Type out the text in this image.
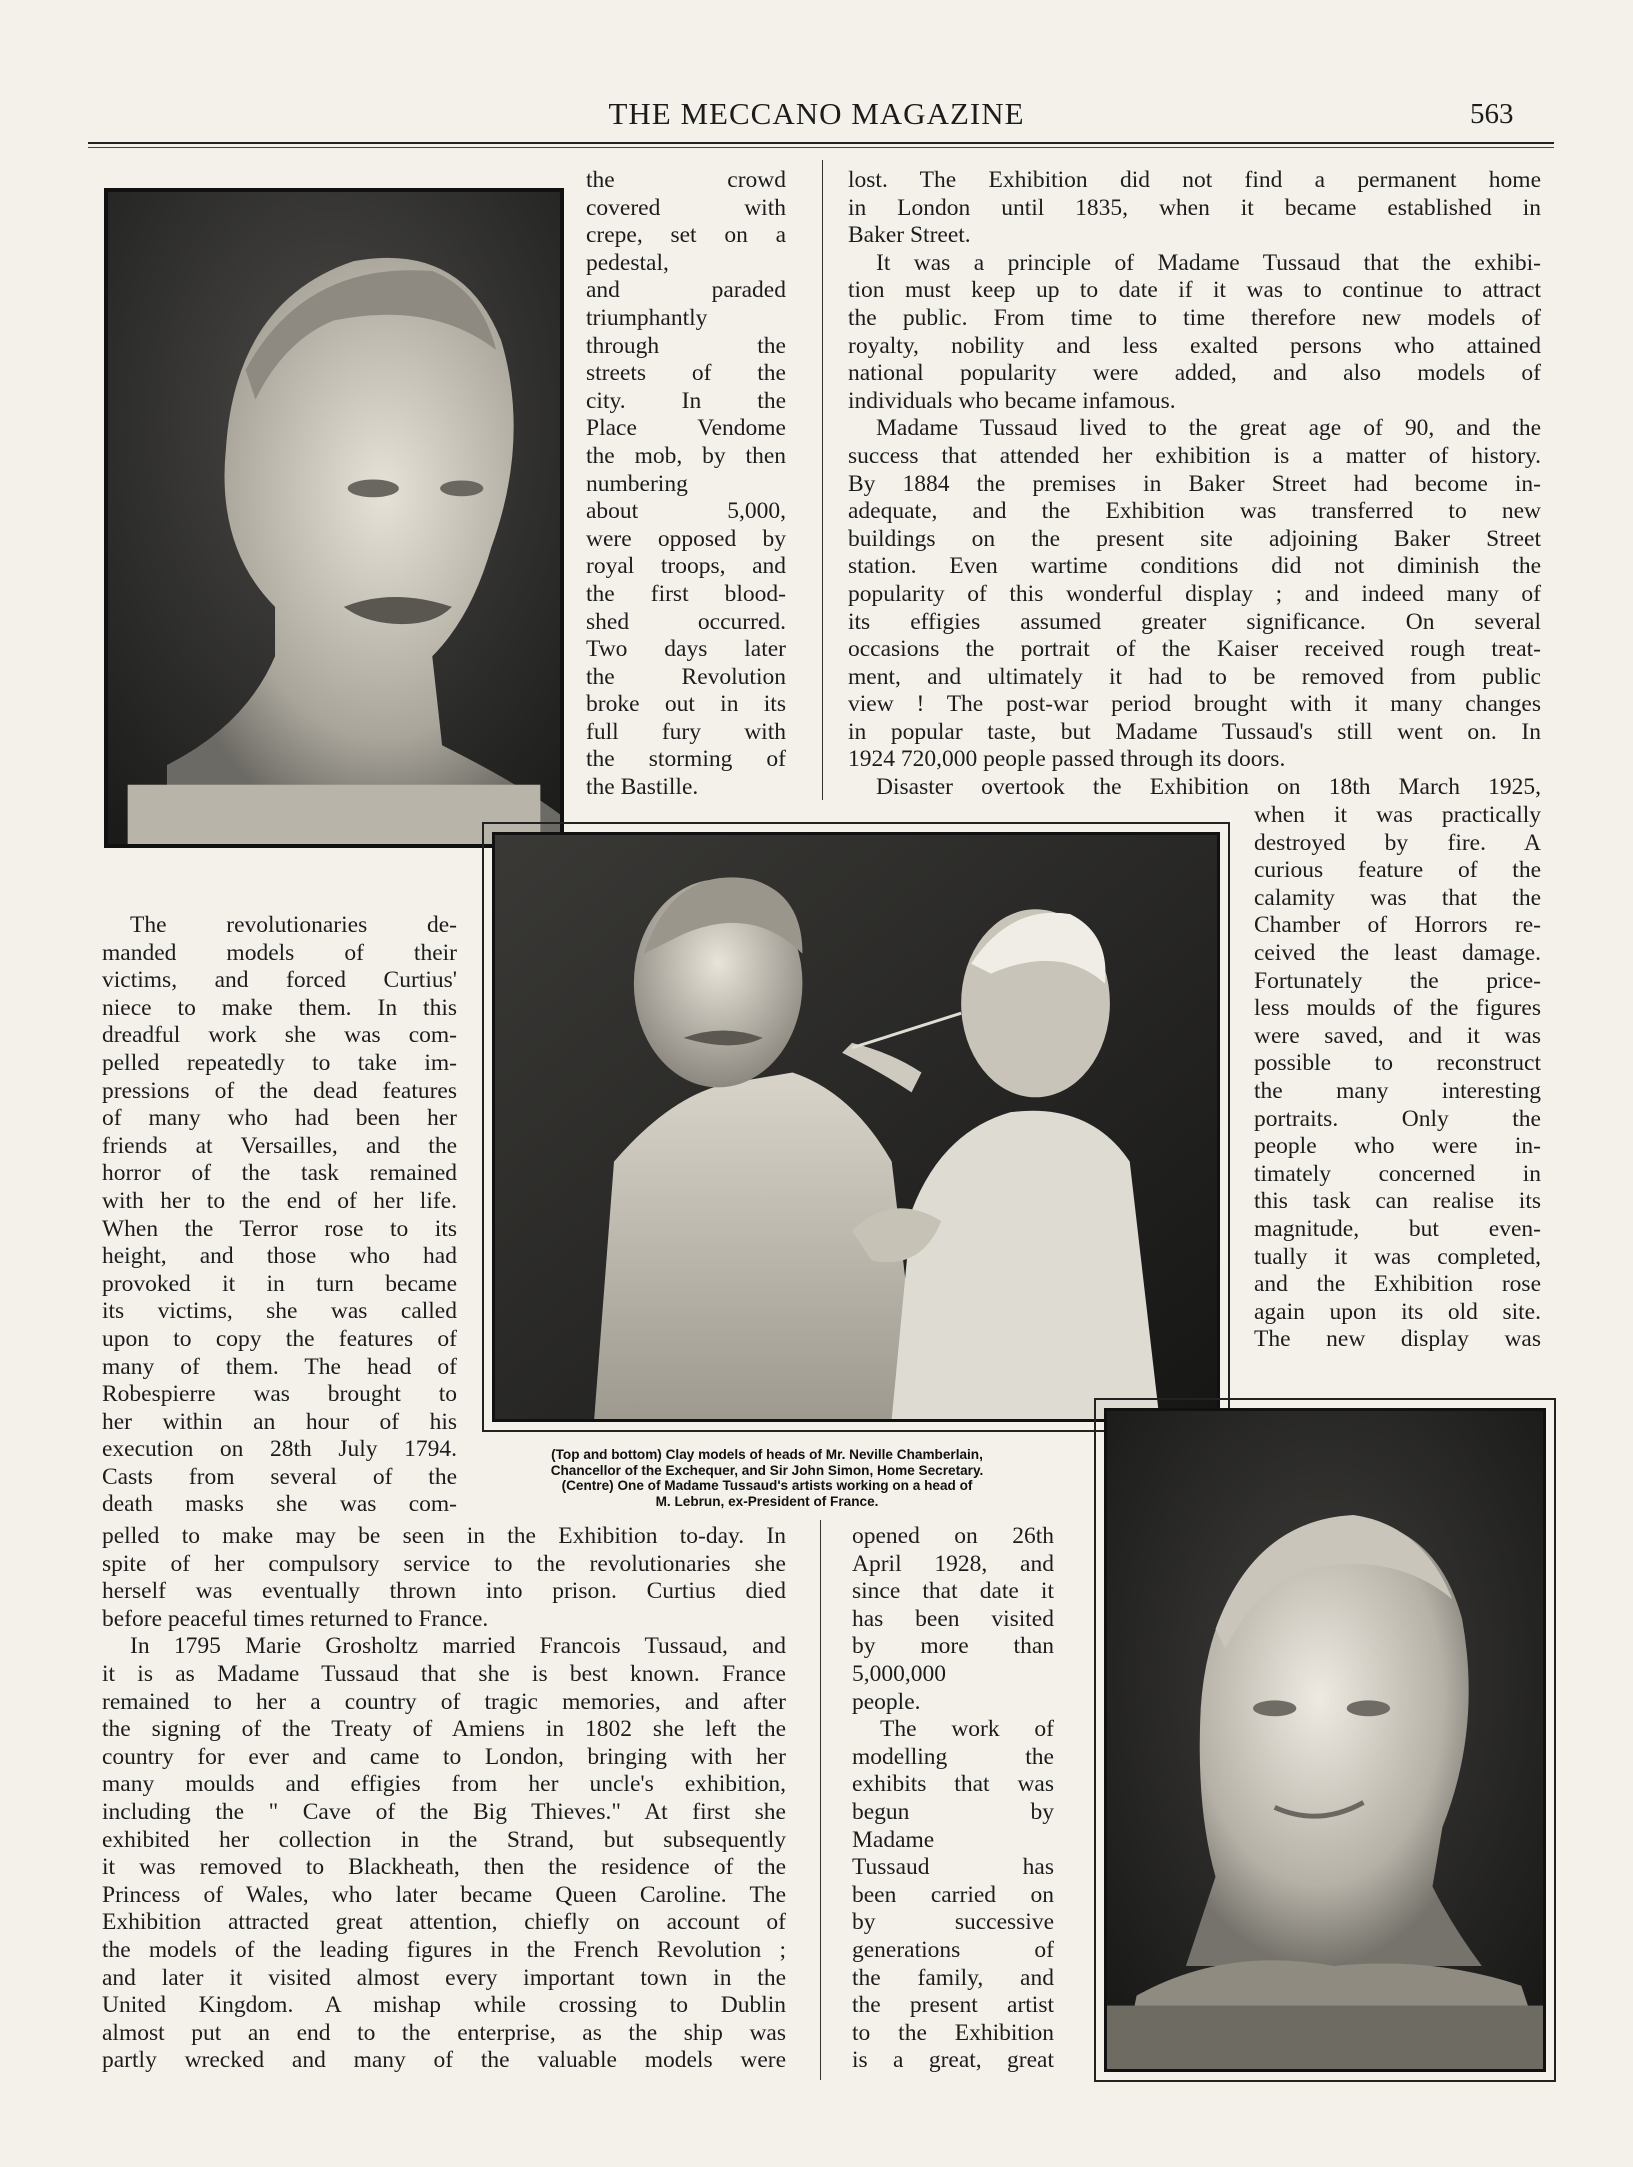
THE MECCANO MAGAZINE	563
the crowd
covered with
crepe, set on a
pedestal,
and paraded
triumphantly
through the
streets of the
city. In the
Place Vendome
the mob, by then
numbering
about 5,000,
were opposed by
royal troops, and
the first blood-
shed occurred.
Two days later
the Revolution
broke out in its
full fury with
the storming of
the Bastille.
lost. The Exhibition did not find a permanent home
in London until 1835, when it became established in
Baker Street.
It was a principle of Madame Tussaud that the exhibi-
tion must keep up to date if it was to continue to attract
the public. From time to time therefore new models of
royalty, nobility and less exalted persons who attained
national popularity were added, and also models of
individuals who became infamous.
Madame Tussaud lived to the great age of 90, and the
success that attended her exhibition is a matter of history.
By 1884 the premises in Baker Street had become in-
adequate, and the Exhibition was transferred to new
buildings on the present site adjoining Baker Street
station. Even wartime conditions did not diminish the
popularity of this wonderful display ; and indeed many of
its effigies assumed greater significance. On several
occasions the portrait of the Kaiser received rough treat-
ment, and ultimately it had to be removed from public
view ! The post-war period brought with it many changes
in popular taste, but Madame Tussaud's still went on. In
1924 720,000 people passed through its doors.
Disaster overtook the Exhibition on 18th March 1925,
when it was practically
destroyed by fire. A
curious feature of the
calamity was that the
Chamber of Horrors re-
ceived the least damage.
Fortunately the price-
less moulds of the figures
were saved, and it was
possible to reconstruct
the many interesting
portraits. Only the
people who were in-
timately concerned in
this task can realise its
magnitude, but even-
tually it was completed,
and the Exhibition rose
again upon its old site.
The new display was
The revolutionaries de-
manded models of their
victims, and forced Curtius'
niece to make them. In this
dreadful work she was com-
pelled repeatedly to take im-
pressions of the dead features
of many who had been her
friends at Versailles, and the
horror of the task remained
with her to the end of her life.
When the Terror rose to its
height, and those who had
provoked it in turn became
its victims, she was called
upon to copy the features of
many of them. The head of
Robespierre was brought to
her within an hour of his
execution on 28th July 1794.
Casts from several of the
death masks she was com-
(Top and bottom) Clay models of heads of Mr. Neville Chamberlain,
Chancellor of the Exchequer, and Sir John Simon, Home Secretary.
(Centre) One of Madame Tussaud's artists working on a head of
M. Lebrun, ex-President of France.
pelled to make may be seen in the Exhibition to-day. In
spite of her compulsory service to the revolutionaries she
herself was eventually thrown into prison. Curtius died
before peaceful times returned to France.
In 1795 Marie Grosholtz married Francois Tussaud, and
it is as Madame Tussaud that she is best known. France
remained to her a country of tragic memories, and after
the signing of the Treaty of Amiens in 1802 she left the
country for ever and came to London, bringing with her
many moulds and effigies from her uncle's exhibition,
including the " Cave of the Big Thieves." At first she
exhibited her collection in the Strand, but subsequently
it was removed to Blackheath, then the residence of the
Princess of Wales, who later became Queen Caroline. The
Exhibition attracted great attention, chiefly on account of
the models of the leading figures in the French Revolution ;
and later it visited almost every important town in the
United Kingdom. A mishap while crossing to Dublin
almost put an end to the enterprise, as the ship was
partly wrecked and many of the valuable models were
opened on 26th
April 1928, and
since that date it
has been visited
by more than
5,000,000
people.
The work of
modelling the
exhibits that was
begun by
Madame
Tussaud has
been carried on
by successive
generations of
the family, and
the present artist
to the Exhibition
is a great, great
